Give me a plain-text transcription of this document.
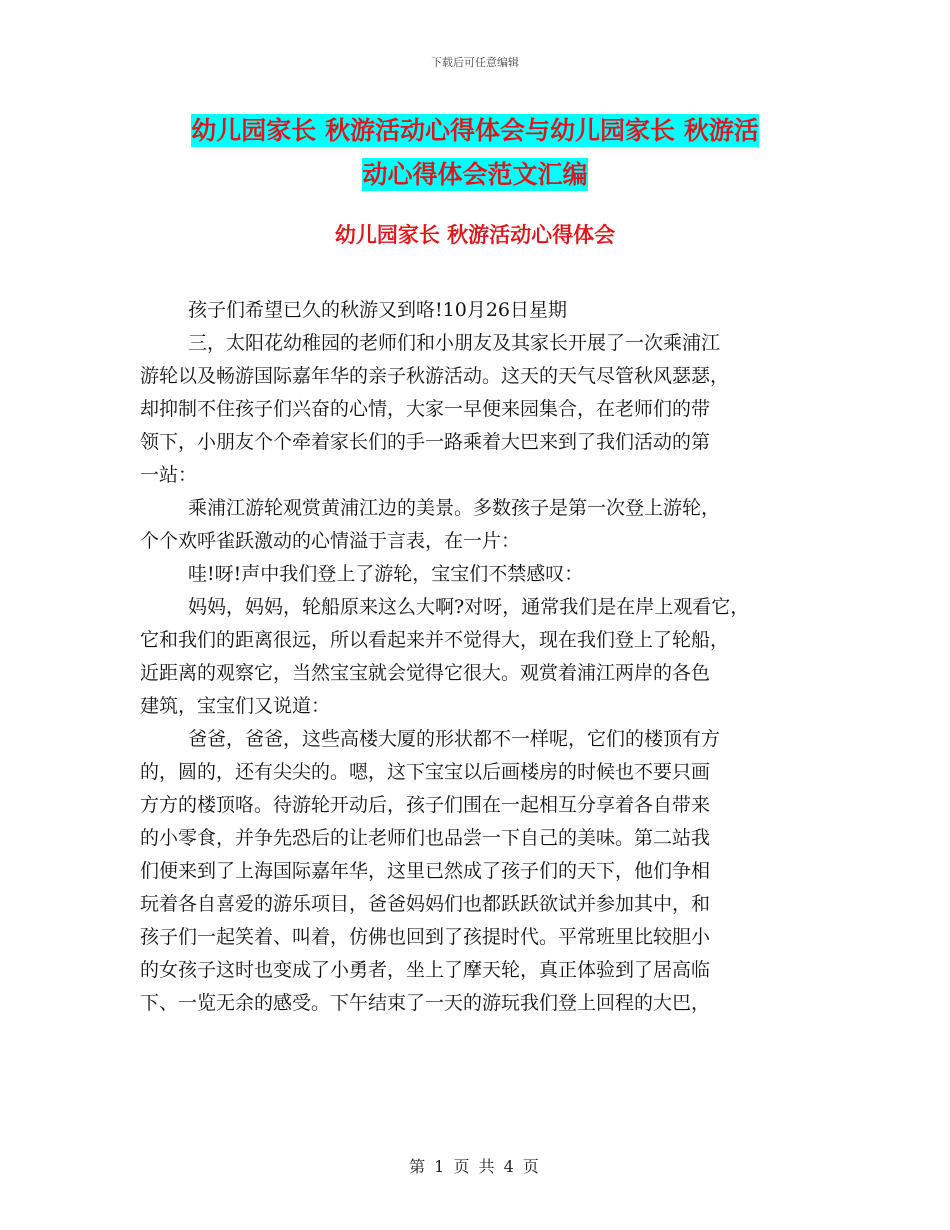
下载后可任意编辑
幼儿园家长 秋游活动心得体会与幼儿园家长 秋游活
动心得体会范文汇编
幼儿园家长 秋游活动心得体会
孩子们希望已久的秋游又到咯!10月26日星期
三，太阳花幼稚园的老师们和小朋友及其家长开展了一次乘浦江
游轮以及畅游国际嘉年华的亲子秋游活动。这天的天气尽管秋风瑟瑟，
却抑制不住孩子们兴奋的心情，大家一早便来园集合，在老师们的带
领下，小朋友个个牵着家长们的手一路乘着大巴来到了我们活动的第
一站：
乘浦江游轮观赏黄浦江边的美景。多数孩子是第一次登上游轮，
个个欢呼雀跃激动的心情溢于言表，在一片：
哇!呀!声中我们登上了游轮，宝宝们不禁感叹：
妈妈，妈妈，轮船原来这么大啊?对呀，通常我们是在岸上观看它，
它和我们的距离很远，所以看起来并不觉得大，现在我们登上了轮船，
近距离的观察它，当然宝宝就会觉得它很大。观赏着浦江两岸的各色
建筑，宝宝们又说道：
爸爸，爸爸，这些高楼大厦的形状都不一样呢，它们的楼顶有方
的，圆的，还有尖尖的。嗯，这下宝宝以后画楼房的时候也不要只画
方方的楼顶咯。待游轮开动后，孩子们围在一起相互分享着各自带来
的小零食，并争先恐后的让老师们也品尝一下自己的美味。第二站我
们便来到了上海国际嘉年华，这里已然成了孩子们的天下，他们争相
玩着各自喜爱的游乐项目，爸爸妈妈们也都跃跃欲试并参加其中，和
孩子们一起笑着、叫着，仿佛也回到了孩提时代。平常班里比较胆小
的女孩子这时也变成了小勇者，坐上了摩天轮，真正体验到了居高临
下、一览无余的感受。下午结束了一天的游玩我们登上回程的大巴，
第 1 页 共 4 页
